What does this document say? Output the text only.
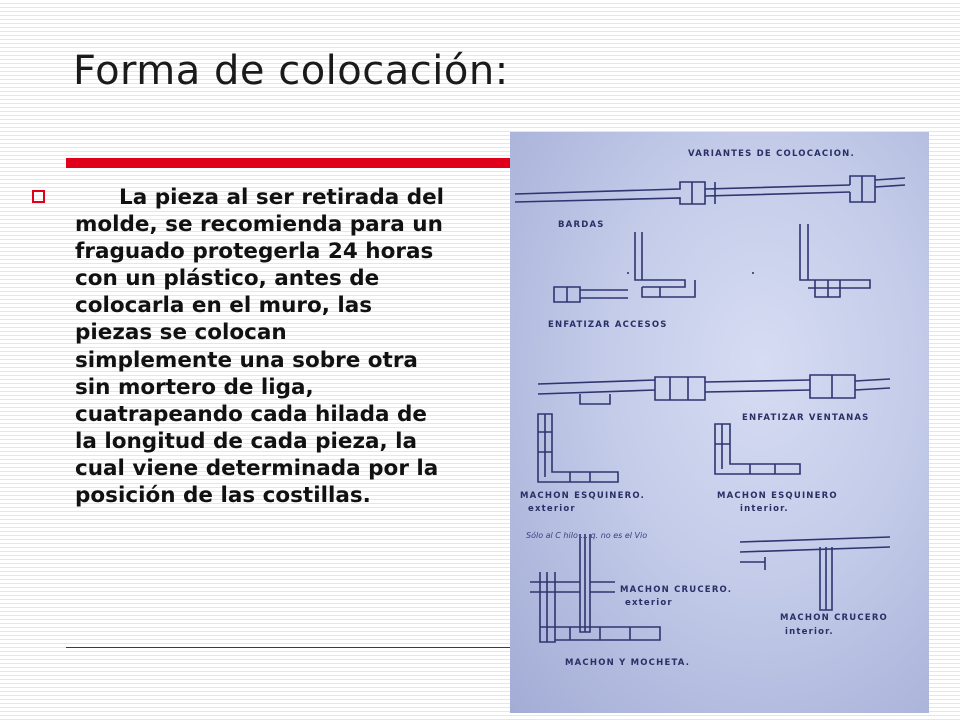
Forma de colocación:

La pieza al ser retirada del molde, se recomienda para un fraguado protegerla 24 horas con un plástico, antes de colocarla en el muro, las piezas se colocan simplemente una sobre otra sin mortero de liga, cuatrapeando cada hilada de la longitud de cada pieza, la cual viene determinada por la posición de las costillas.

VARIANTES DE COLOCACION.
BARDAS
ENFATIZAR ACCESOS
ENFATIZAR VENTANAS
MACHON ESQUINERO.
exterior
MACHON ESQUINERO
interior.
Sólo al C hilo ... q. no es el Vio
MACHON CRUCERO.
exterior
MACHON CRUCERO
interior.
MACHON Y MOCHETA.
